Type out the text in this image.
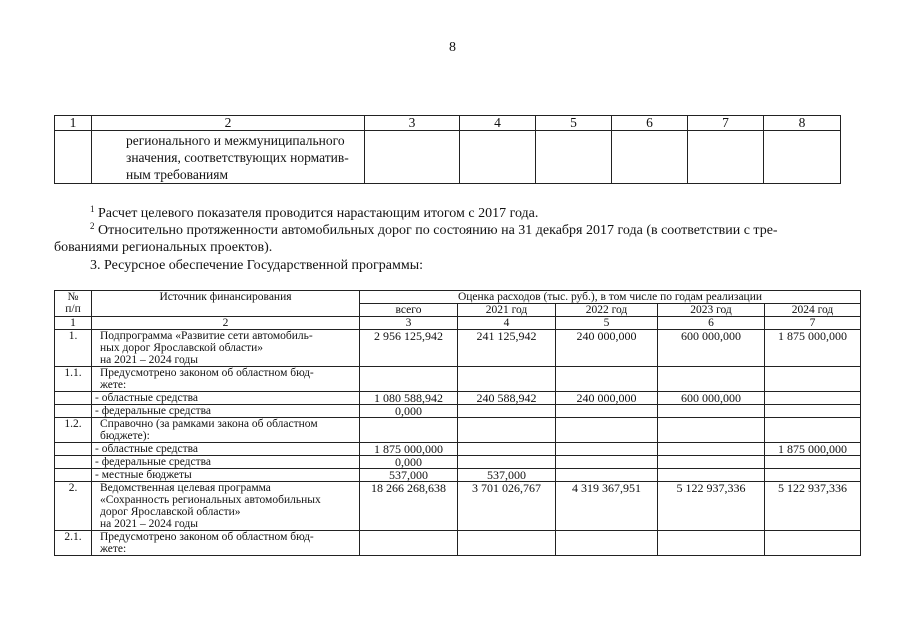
8
1	2	3	4	5	6	7	8

	регионального и межмуниципального
значения, соответствующих норматив-
ным требованиям						

$^1$ Расчет целевого показателя проводится нарастающим итогом с 2017 года.
$^2$ Относительно протяженности автомобильных дорог по состоянию на 31 декабря 2017 года (в соответствии с тре-
бованиями региональных проектов).
3. Ресурсное обеспечение Государственной программы:
№
п/п	Источник финансирования	Оценка расходов (тыс. руб.), в том числе по годам реализации				
		всего	2021 год	2022 год	2023 год	2024 год
1	2	3	4	5	6	7
1.	Подпрограмма «Развитие сети автомобиль-
ных дорог Ярославской области»
на 2021 – 2024 годы	2 956 125,942	241 125,942	240 000,000	600 000,000	1 875 000,000
1.1.	Предусмотрено законом об областном бюд-
жете:					

	- областные средства	1 080 588,942	240 588,942	240 000,000	600 000,000	

	- федеральные средства	0,000				
1.2.	Справочно (за рамками закона об областном
бюджете):					

	- областные средства	1 875 000,000				1 875 000,000

	- федеральные средства	0,000				

	- местные бюджеты	537,000	537,000			
2.	Ведомственная целевая программа
«Сохранность региональных автомобильных
дорог Ярославской области»
на 2021 – 2024 годы	18 266 268,638	3 701 026,767	4 319 367,951	5 122 937,336	5 122 937,336
2.1.	Предусмотрено законом об областном бюд-
жете:					
